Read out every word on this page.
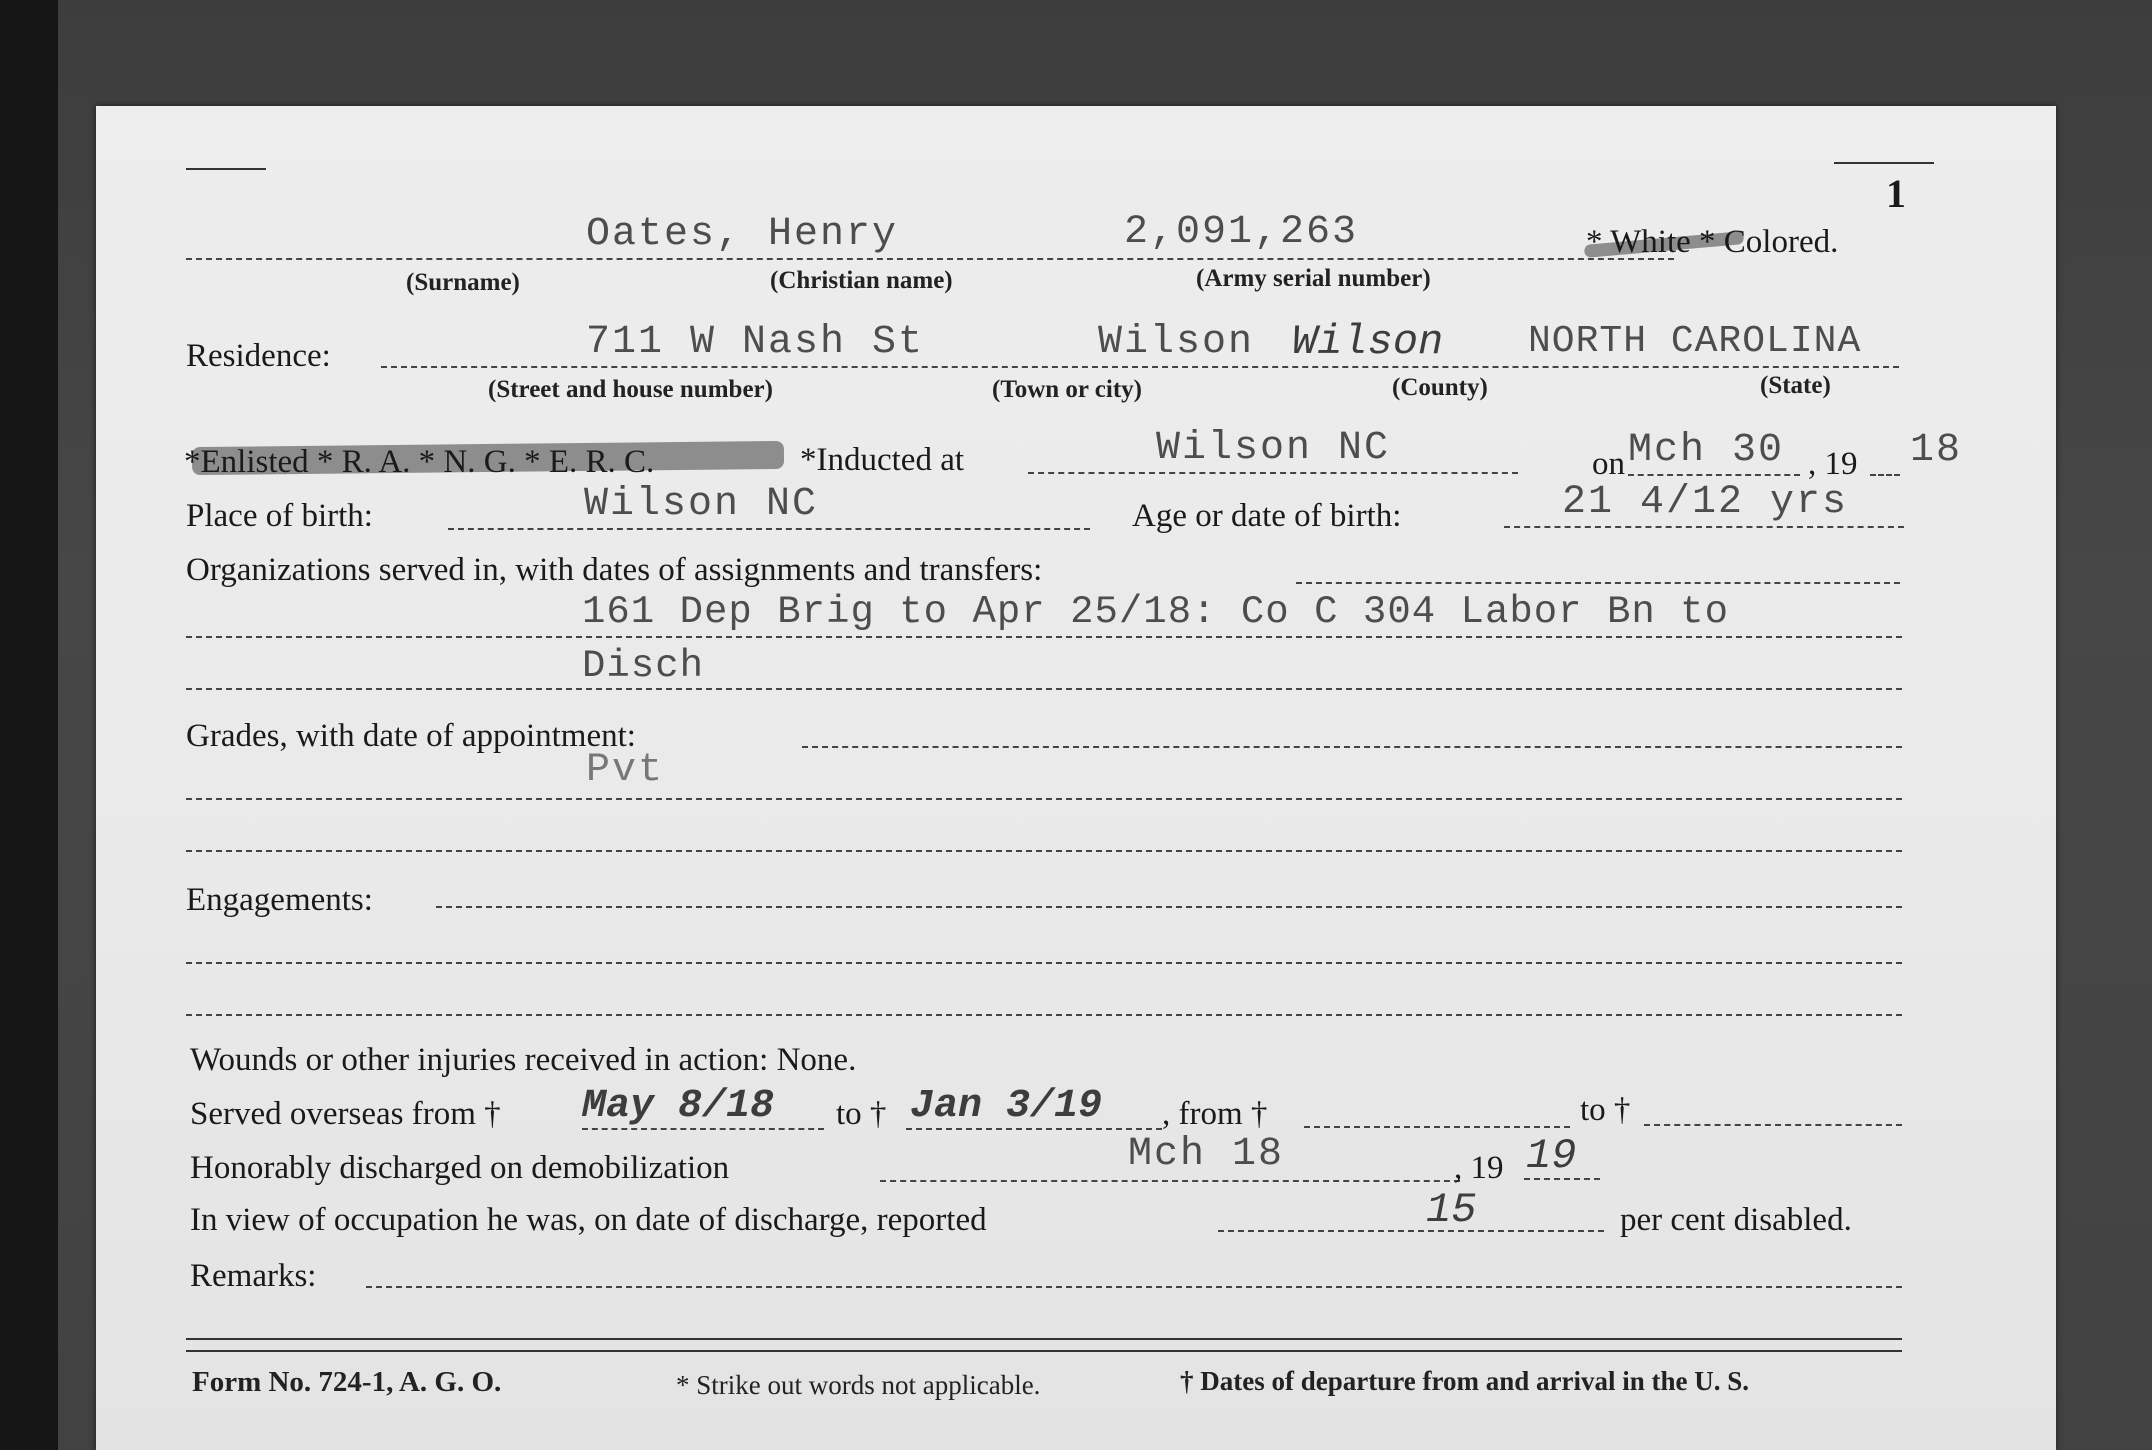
1
Oates, Henry	2,091,263	* White * Colored.
(Surname)	(Christian name)	(Army serial number)
Residence:	711 W Nash St	Wilson Wilson NORTH CAROLINA
(Street and house number)	(Town or city)	(County)	(State)
*Enlisted * R. A. * N. G. * E. R. C.	*Inducted at	Wilson NC	on Mch 30 , 19 18
Place of birth:	Wilson NC	Age or date of birth:	21 4/12 yrs
Organizations served in, with dates of assignments and transfers:
161 Dep Brig to Apr 25/18: Co C 304 Labor Bn to
Disch
Grades, with date of appointment:
Pvt
Engagements:
Wounds or other injuries received in action: None.
Served overseas from † May 8/18 to † Jan 3/19 , from †	to †
Honorably discharged on demobilization	Mch 18	, 19 19
In view of occupation he was, on date of discharge, reported	15	per cent disabled.
Remarks:
Form No. 724-1, A. G. O.	* Strike out words not applicable.	† Dates of departure from and arrival in the U. S.
